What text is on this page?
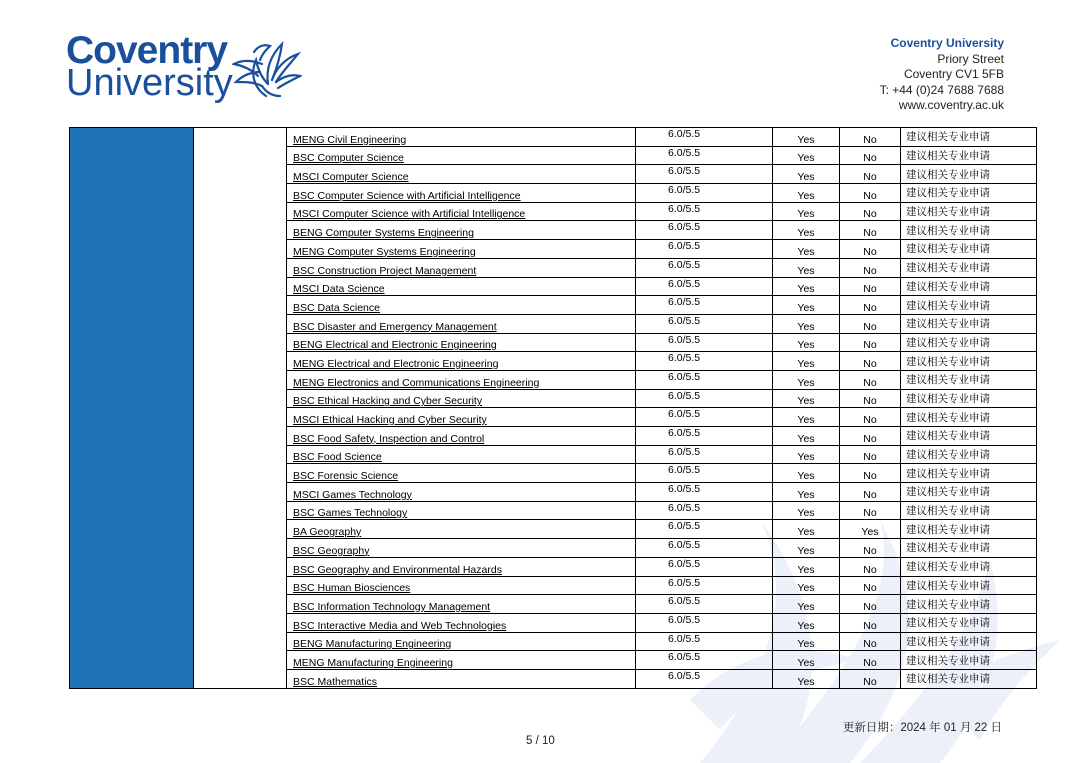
Coventry
University
Coventry University
Priory Street
Coventry CV1 5FB
T: +44 (0)24 7688 7688
www.coventry.ac.uk
		MENG Civil Engineering	6.0/5.5	Yes	No	建议相关专业申请
		BSC Computer Science	6.0/5.5	Yes	No	建议相关专业申请
		MSCI Computer Science	6.0/5.5	Yes	No	建议相关专业申请
		BSC Computer Science with Artificial Intelligence	6.0/5.5	Yes	No	建议相关专业申请
		MSCI Computer Science with Artificial Intelligence	6.0/5.5	Yes	No	建议相关专业申请
		BENG Computer Systems Engineering	6.0/5.5	Yes	No	建议相关专业申请
		MENG Computer Systems Engineering	6.0/5.5	Yes	No	建议相关专业申请
		BSC Construction Project Management	6.0/5.5	Yes	No	建议相关专业申请
		MSCI Data Science	6.0/5.5	Yes	No	建议相关专业申请
		BSC Data Science	6.0/5.5	Yes	No	建议相关专业申请
		BSC Disaster and Emergency Management	6.0/5.5	Yes	No	建议相关专业申请
		BENG Electrical and Electronic Engineering	6.0/5.5	Yes	No	建议相关专业申请
		MENG Electrical and Electronic Engineering	6.0/5.5	Yes	No	建议相关专业申请
		MENG Electronics and Communications Engineering	6.0/5.5	Yes	No	建议相关专业申请
		BSC Ethical Hacking and Cyber Security	6.0/5.5	Yes	No	建议相关专业申请
		MSCI Ethical Hacking and Cyber Security	6.0/5.5	Yes	No	建议相关专业申请
		BSC Food Safety, Inspection and Control	6.0/5.5	Yes	No	建议相关专业申请
		BSC Food Science	6.0/5.5	Yes	No	建议相关专业申请
		BSC Forensic Science	6.0/5.5	Yes	No	建议相关专业申请
		MSCI Games Technology	6.0/5.5	Yes	No	建议相关专业申请
		BSC Games Technology	6.0/5.5	Yes	No	建议相关专业申请
		BA Geography	6.0/5.5	Yes	Yes	建议相关专业申请
		BSC Geography	6.0/5.5	Yes	No	建议相关专业申请
		BSC Geography and Environmental Hazards	6.0/5.5	Yes	No	建议相关专业申请
		BSC Human Biosciences	6.0/5.5	Yes	No	建议相关专业申请
		BSC Information Technology Management	6.0/5.5	Yes	No	建议相关专业申请
		BSC Interactive Media and Web Technologies	6.0/5.5	Yes	No	建议相关专业申请
		BENG Manufacturing Engineering	6.0/5.5	Yes	No	建议相关专业申请
		MENG Manufacturing Engineering	6.0/5.5	Yes	No	建议相关专业申请
		BSC Mathematics	6.0/5.5	Yes	No	建议相关专业申请
更新日期：2024 年 01 月 22 日
5 / 10
